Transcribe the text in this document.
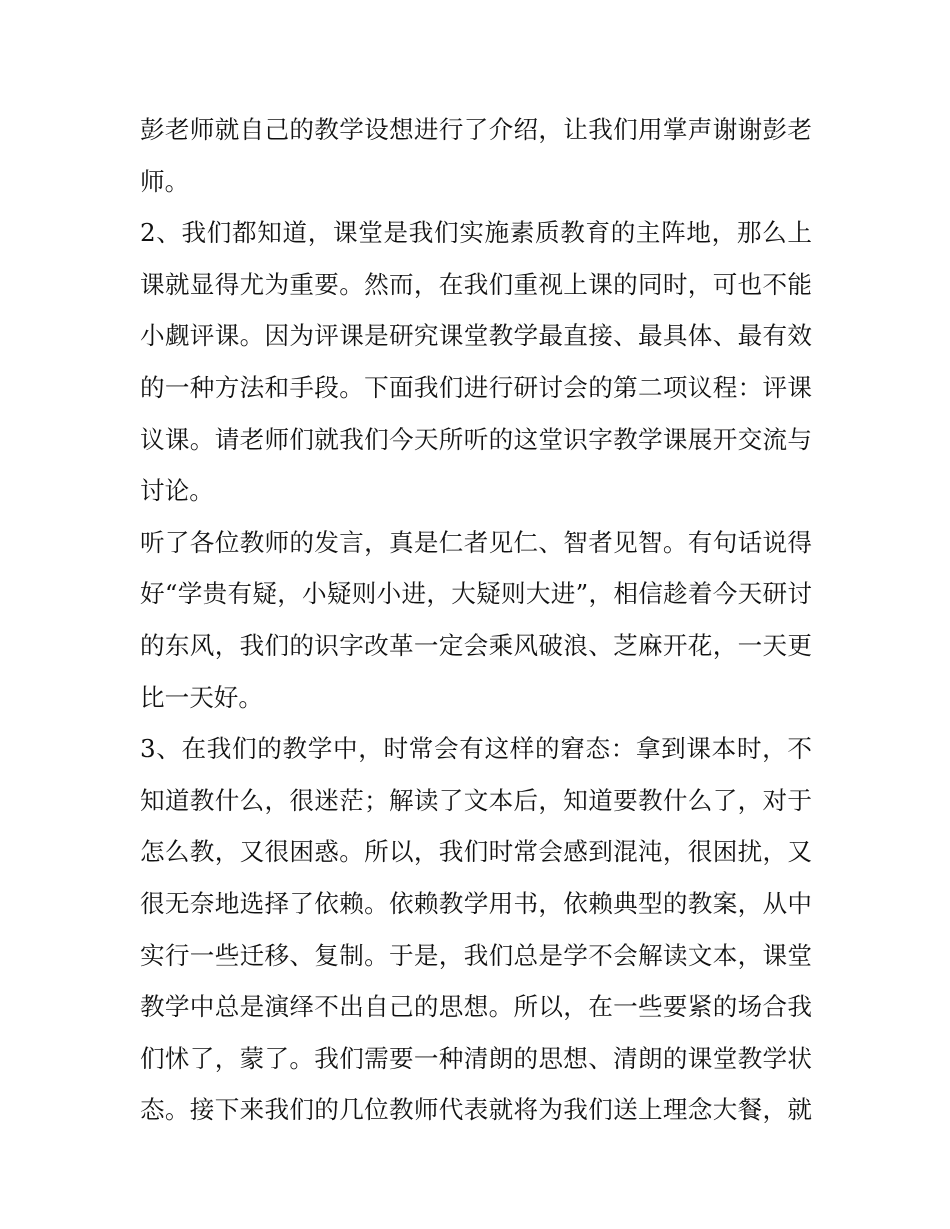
彭老师就自己的教学设想进行了介绍，让我们用掌声谢谢彭老
师。
2、我们都知道，课堂是我们实施素质教育的主阵地，那么上
课就显得尤为重要。然而，在我们重视上课的同时，可也不能
小觑评课。因为评课是研究课堂教学最直接、最具体、最有效
的一种方法和手段。下面我们进行研讨会的第二项议程：评课
议课。请老师们就我们今天所听的这堂识字教学课展开交流与
讨论。
听了各位教师的发言，真是仁者见仁、智者见智。有句话说得
好“学贵有疑，小疑则小进，大疑则大进”，相信趁着今天研讨
的东风，我们的识字改革一定会乘风破浪、芝麻开花，一天更
比一天好。
3、在我们的教学中，时常会有这样的窘态：拿到课本时，不
知道教什么，很迷茫；解读了文本后，知道要教什么了，对于
怎么教，又很困惑。所以，我们时常会感到混沌，很困扰，又
很无奈地选择了依赖。依赖教学用书，依赖典型的教案，从中
实行一些迁移、复制。于是，我们总是学不会解读文本，课堂
教学中总是演绎不出自己的思想。所以，在一些要紧的场合我
们怵了，蒙了。我们需要一种清朗的思想、清朗的课堂教学状
态。接下来我们的几位教师代表就将为我们送上理念大餐，就
